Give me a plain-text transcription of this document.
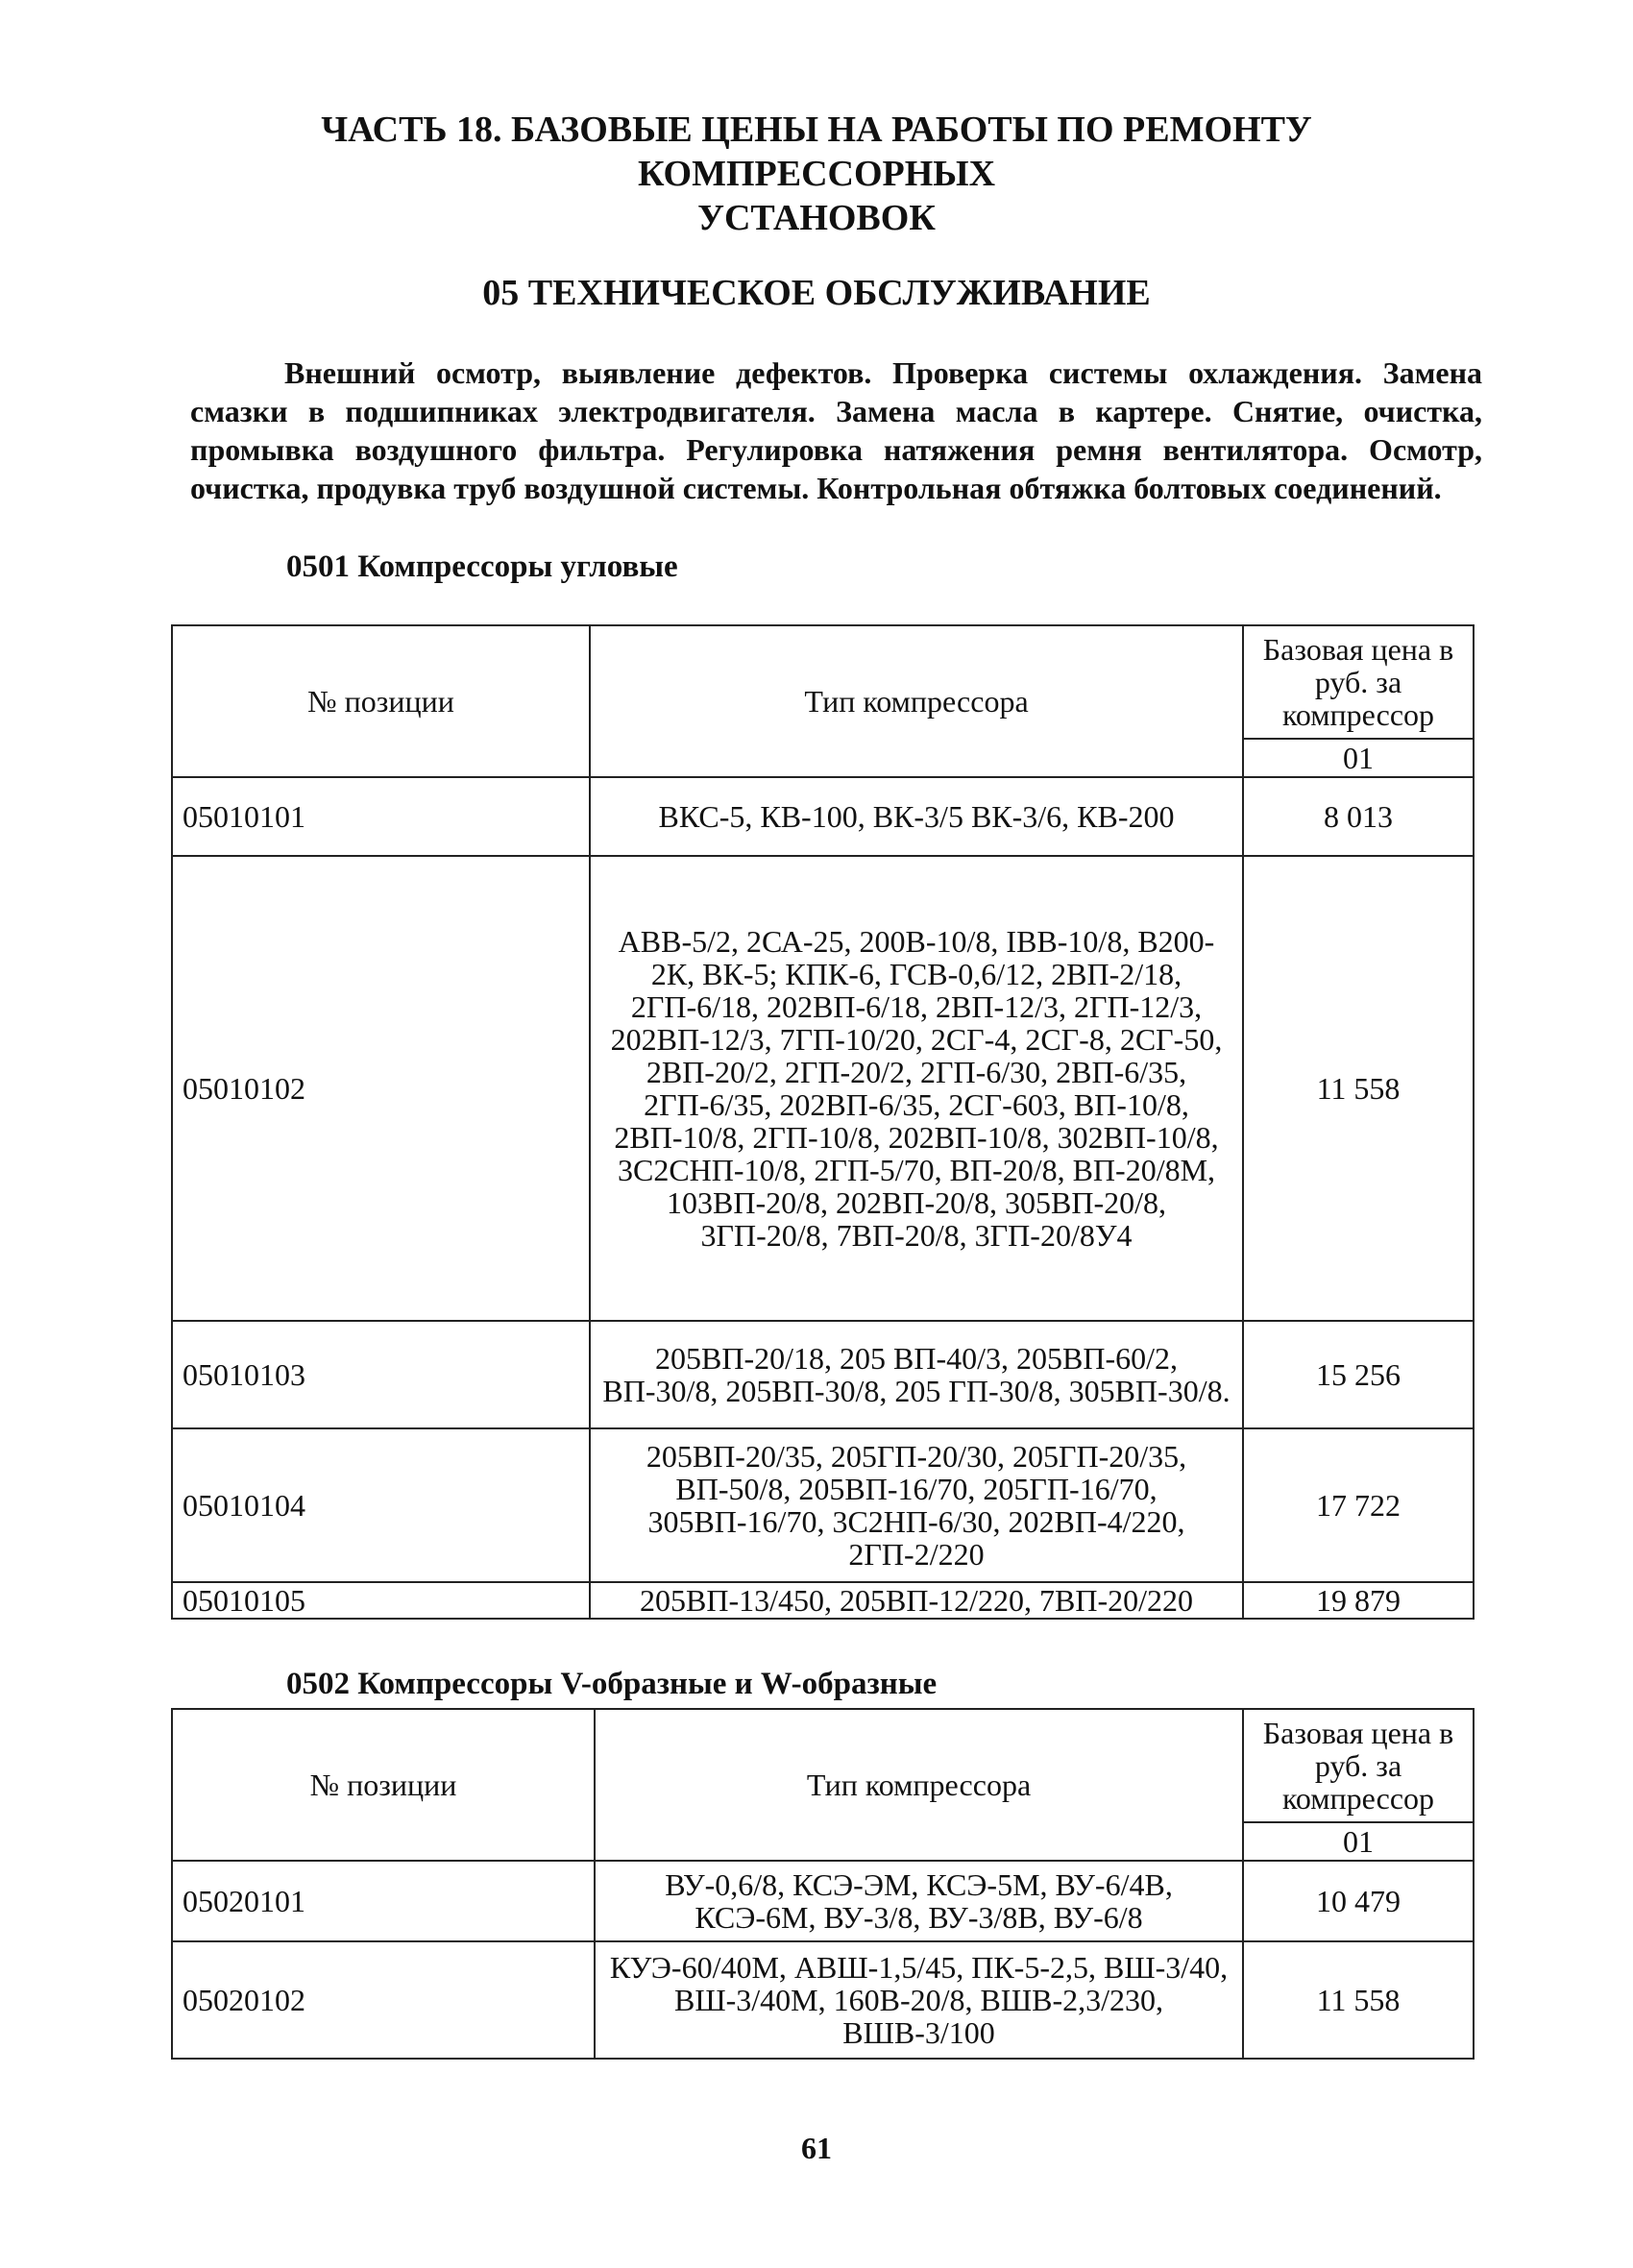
ЧАСТЬ 18. БАЗОВЫЕ ЦЕНЫ НА РАБОТЫ ПО РЕМОНТУ КОМПРЕССОРНЫХ
УСТАНОВОК
05 ТЕХНИЧЕСКОЕ ОБСЛУЖИВАНИЕ

Внешний осмотр, выявление дефектов. Проверка системы охлаждения. Замена смазки в подшипниках электродвигателя. Замена масла в картере. Снятие, очистка, промывка воздушного фильтра. Регулировка натяжения ремня вентилятора. Осмотр, очистка, продувка труб воздушной системы. Контрольная обтяжка болтовых соединений.

0501 Компрессоры угловые
№ позиции	Тип компрессора	Базовая цена в руб. за компрессор
		01
05010101	ВКС-5, КВ-100, ВК-3/5 ВК-3/6, КВ-200	8 013
05010102	АВВ-5/2, 2СА-25, 200В-10/8, IВВ-10/8, В200-2К, ВК-5; КПК-6, ГСВ-0,6/12, 2ВП-2/18, 2ГП-6/18, 202ВП-6/18, 2ВП-12/3, 2ГП-12/3, 202ВП-12/3, 7ГП-10/20, 2СГ-4, 2СГ-8, 2СГ-50, 2ВП-20/2, 2ГП-20/2, 2ГП-6/30, 2ВП-6/35, 2ГП-6/35, 202ВП-6/35, 2СГ-603, ВП-10/8, 2ВП-10/8, 2ГП-10/8, 202ВП-10/8, 302ВП-10/8, 3С2СНП-10/8, 2ГП-5/70, ВП-20/8, ВП-20/8М, 103ВП-20/8, 202ВП-20/8, 305ВП-20/8, 3ГП-20/8, 7ВП-20/8, 3ГП-20/8У4	11 558
05010103	205ВП-20/18, 205 ВП-40/3, 205ВП-60/2, ВП-30/8, 205ВП-30/8, 205 ГП-30/8, 305ВП-30/8.	15 256
05010104	205ВП-20/35, 205ГП-20/30, 205ГП-20/35, ВП-50/8, 205ВП-16/70, 205ГП-16/70, 305ВП-16/70, 3С2НП-6/30, 202ВП-4/220, 2ГП-2/220	17 722
05010105	205ВП-13/450, 205ВП-12/220, 7ВП-20/220	19 879
0502 Компрессоры V-образные и W-образные
№ позиции	Тип компрессора	Базовая цена в руб. за компрессор
		01
05020101	ВУ-0,6/8, КСЭ-ЭМ, КСЭ-5М, ВУ-6/4В, КСЭ-6М, ВУ-3/8, ВУ-3/8В, ВУ-6/8	10 479
05020102	КУЭ-60/40М, АВШ-1,5/45, ПК-5-2,5, ВШ-3/40, ВШ-3/40М, 160В-20/8, ВШВ-2,3/230, ВШВ-3/100	11 558
61
